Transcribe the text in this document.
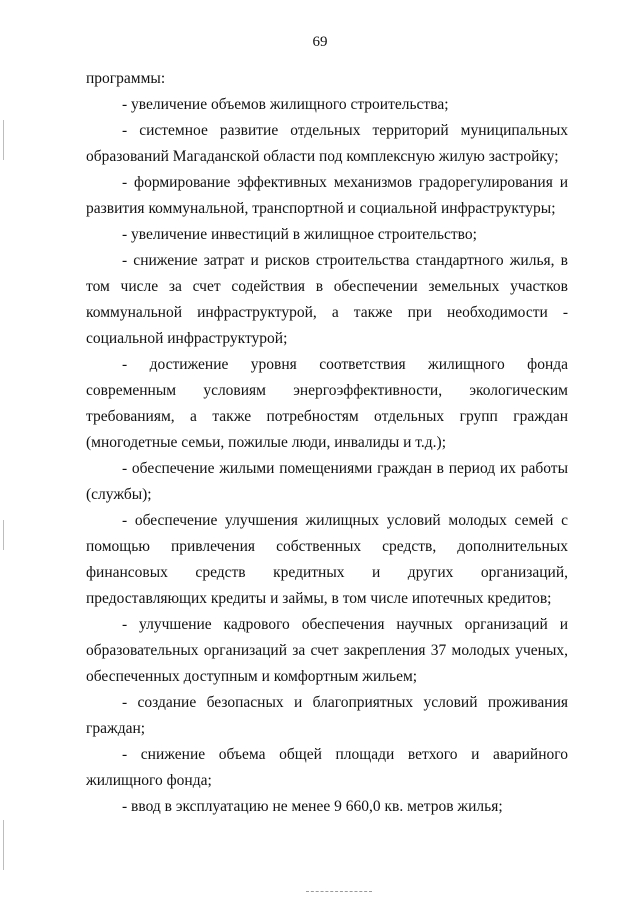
69

программы:

- увеличение объемов жилищного строительства;

- системное развитие отдельных территорий муниципальных образований Магаданской области под комплексную жилую застройку;

- формирование эффективных механизмов градорегулирования и развития коммунальной, транспортной и социальной инфраструктуры;

- увеличение инвестиций в жилищное строительство;

- снижение затрат и рисков строительства стандартного жилья, в том числе за счет содействия в обеспечении земельных участков коммунальной инфраструктурой, а также при необходимости - социальной инфраструктурой;

- достижение уровня соответствия жилищного фонда современным условиям энергоэффективности, экологическим требованиям, а также потребностям отдельных групп граждан (многодетные семьи, пожилые люди, инвалиды и т.д.);

- обеспечение жилыми помещениями граждан в период их работы (службы);

- обеспечение улучшения жилищных условий молодых семей с помощью привлечения собственных средств, дополнительных финансовых средств кредитных и других организаций, предоставляющих кредиты и займы, в том числе ипотечных кредитов;

- улучшение кадрового обеспечения научных организаций и образовательных организаций за счет закрепления 37 молодых ученых, обеспеченных доступным и комфортным жильем;

- создание безопасных и благоприятных условий проживания граждан;

- снижение объема общей площади ветхого и аварийного жилищного фонда;

- ввод в эксплуатацию не менее 9 660,0 кв. метров жилья;
